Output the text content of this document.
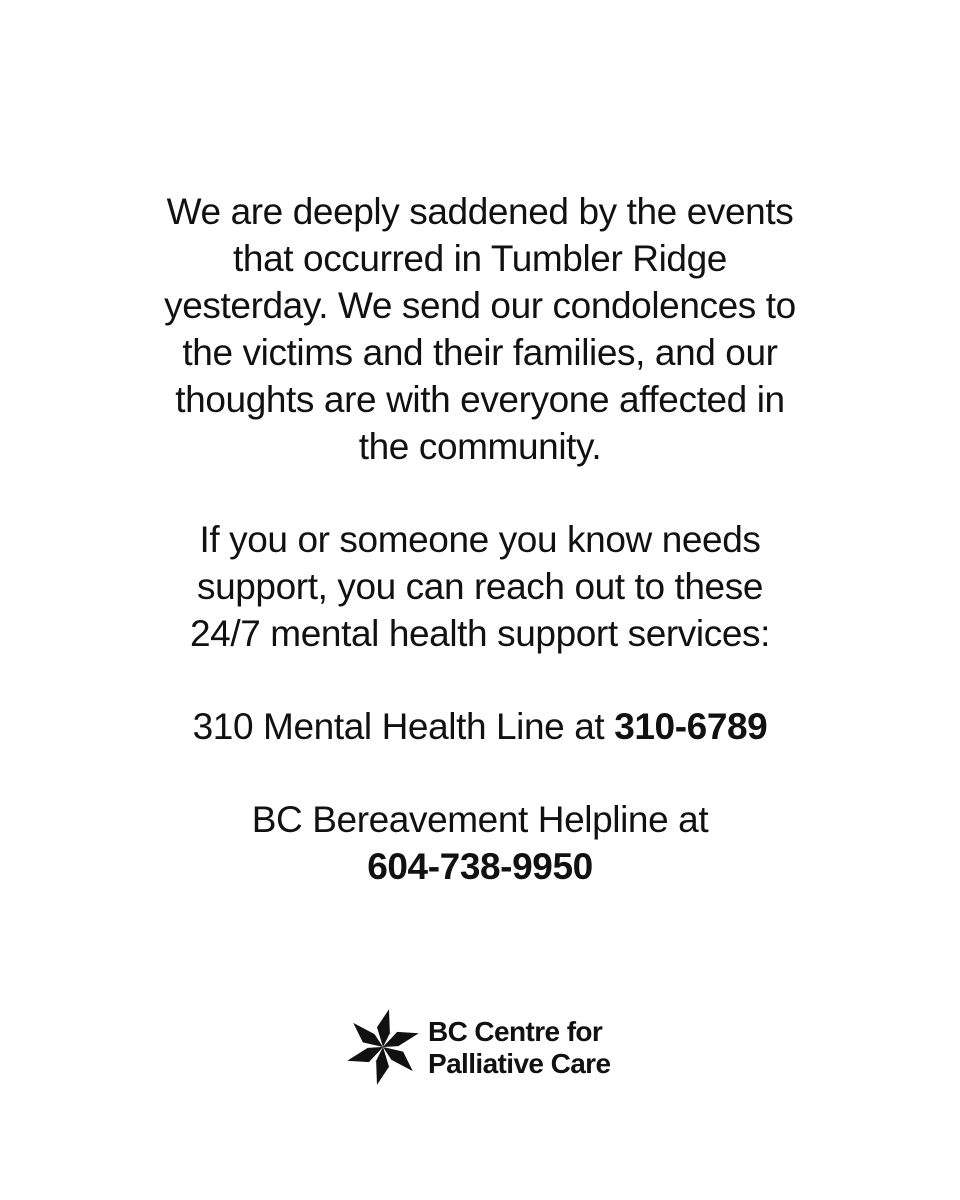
We are deeply saddened by the events
that occurred in Tumbler Ridge
yesterday. We send our condolences to
the victims and their families, and our
thoughts are with everyone affected in
the community.

If you or someone you know needs
support, you can reach out to these
24/7 mental health support services:

310 Mental Health Line at 310-6789

BC Bereavement Helpline at
604-738-9950

BC Centre for
Palliative Care
